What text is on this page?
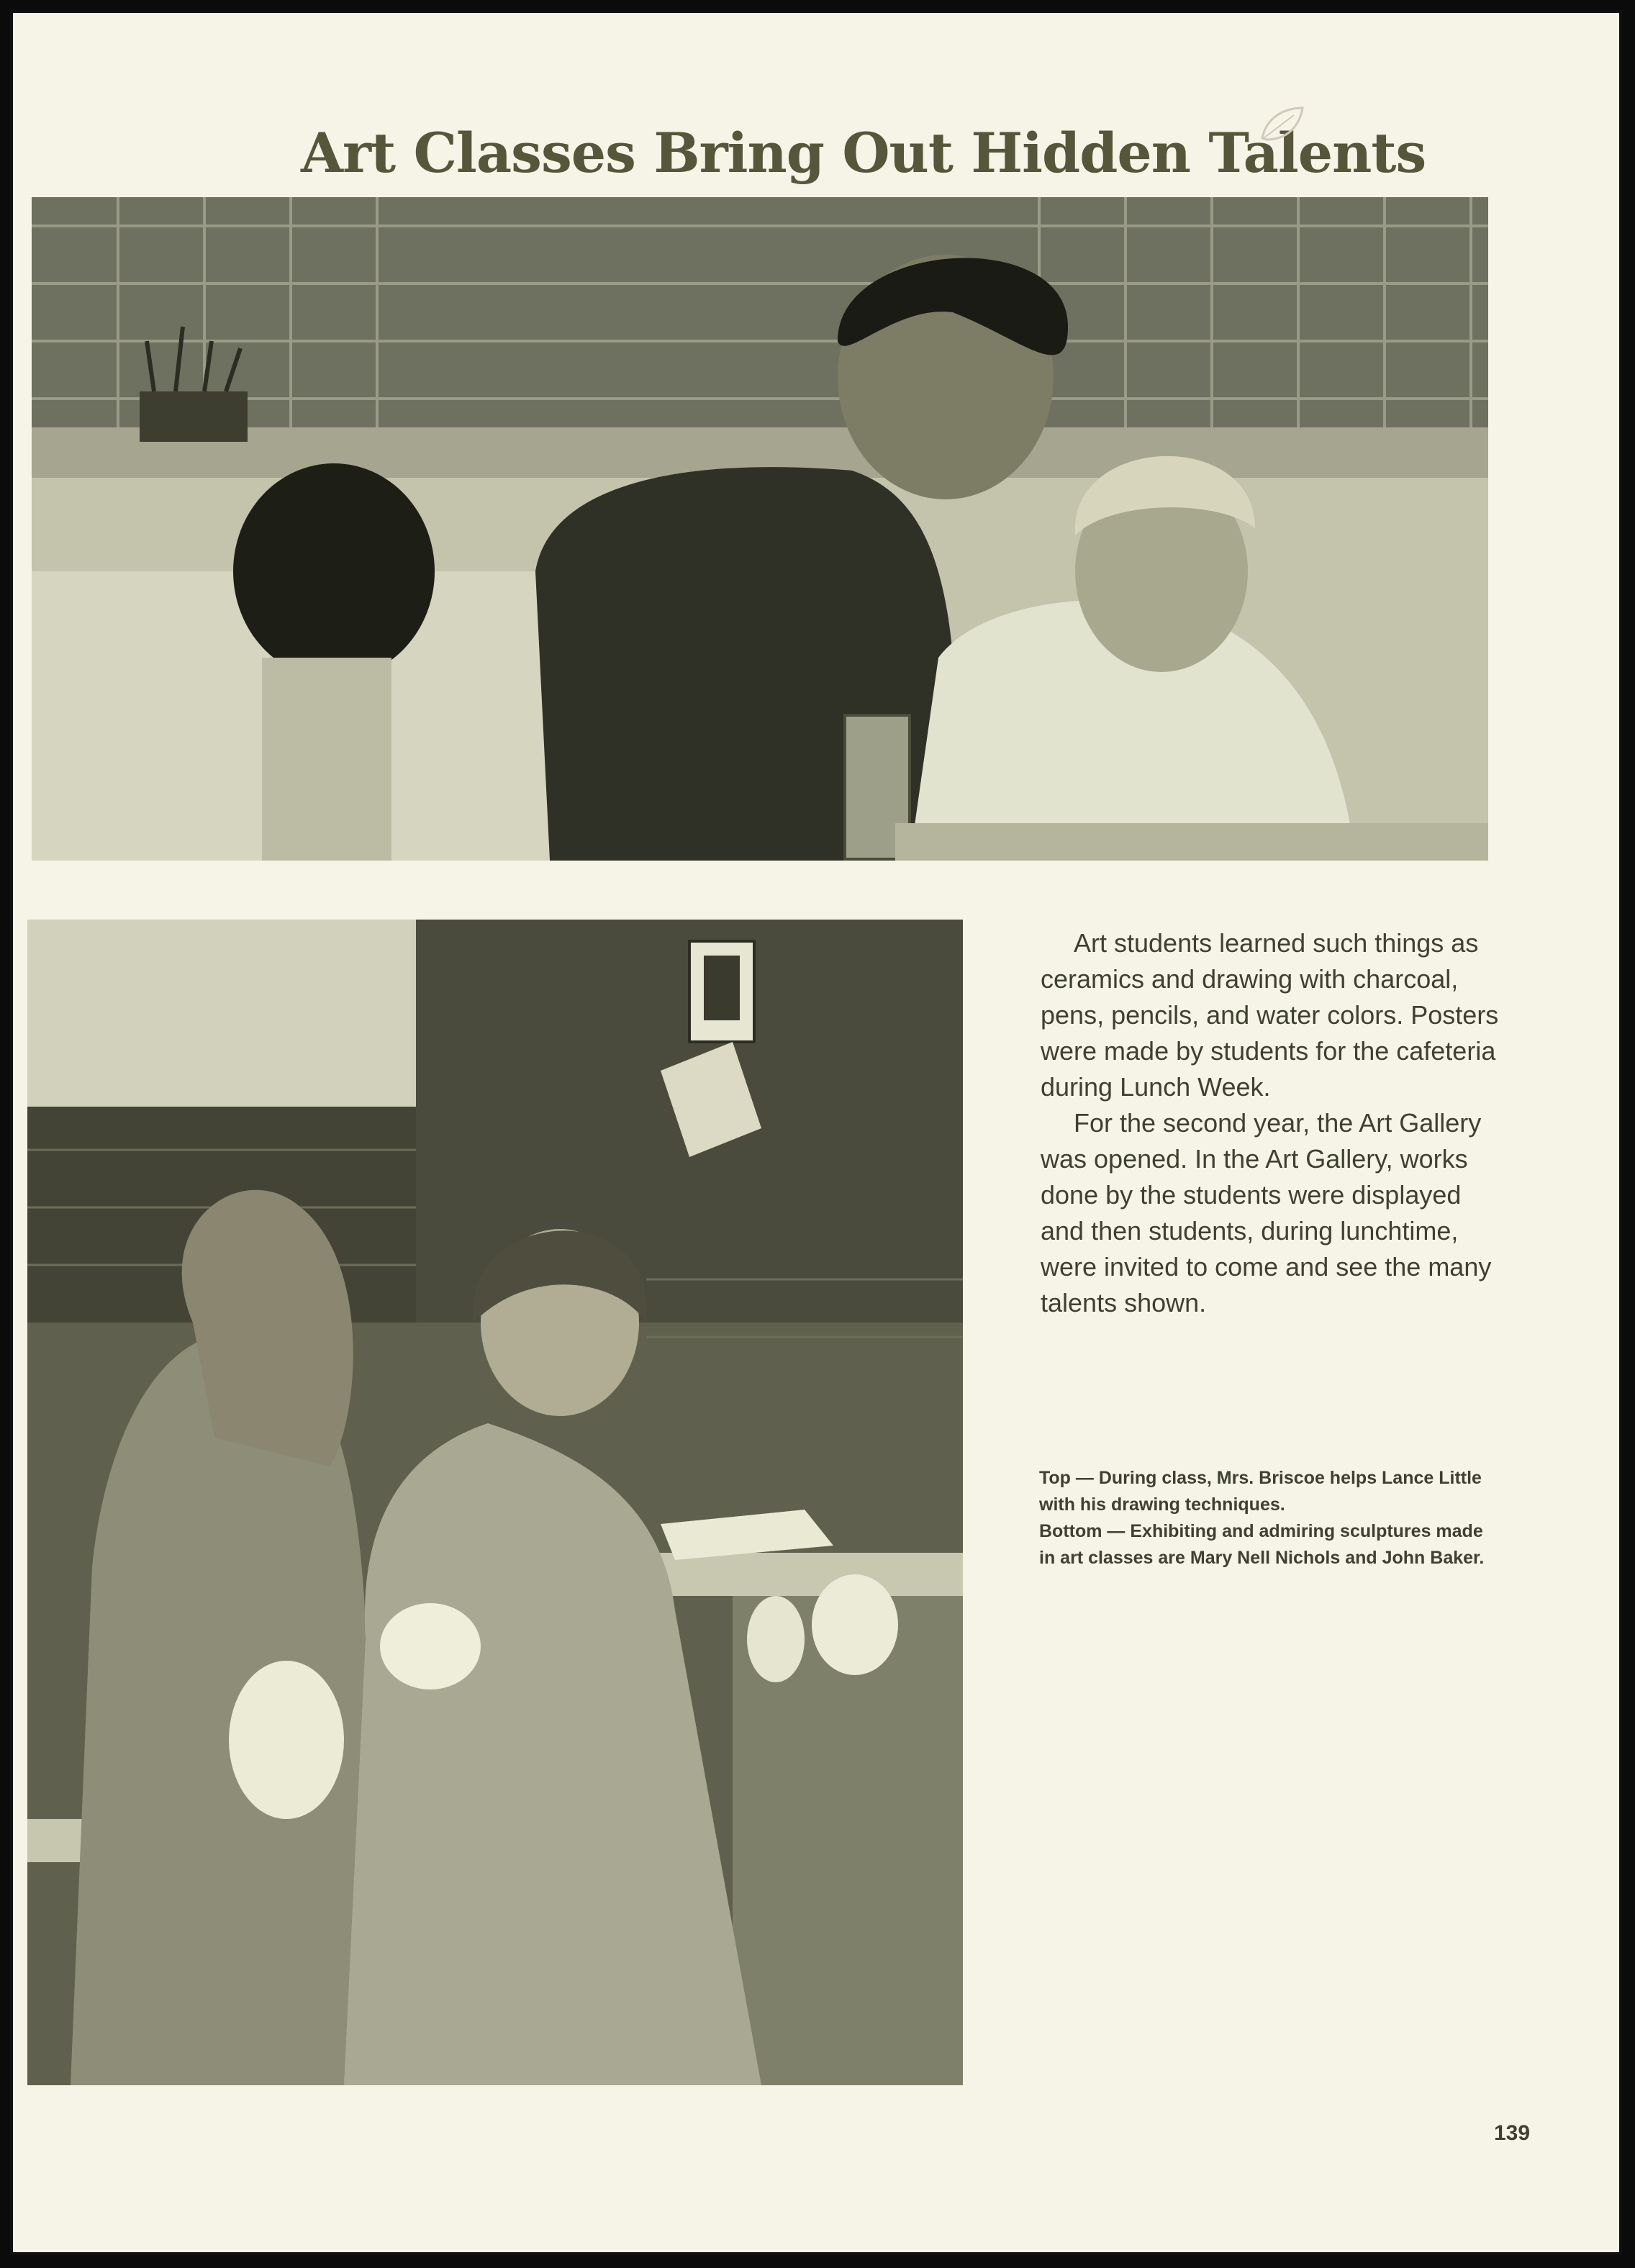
Art Classes Bring Out Hidden Talents

Art students learned such things as ceramics and drawing with charcoal, pens, pencils, and water colors. Posters were made by students for the cafeteria during Lunch Week.

For the second year, the Art Gallery was opened. In the Art Gallery, works done by the students were displayed and then students, during lunchtime, were invited to come and see the many talents shown.

Top — During class, Mrs. Briscoe helps Lance Little with his drawing techniques.

Bottom — Exhibiting and admiring sculptures made in art classes are Mary Nell Nichols and John Baker.

139
